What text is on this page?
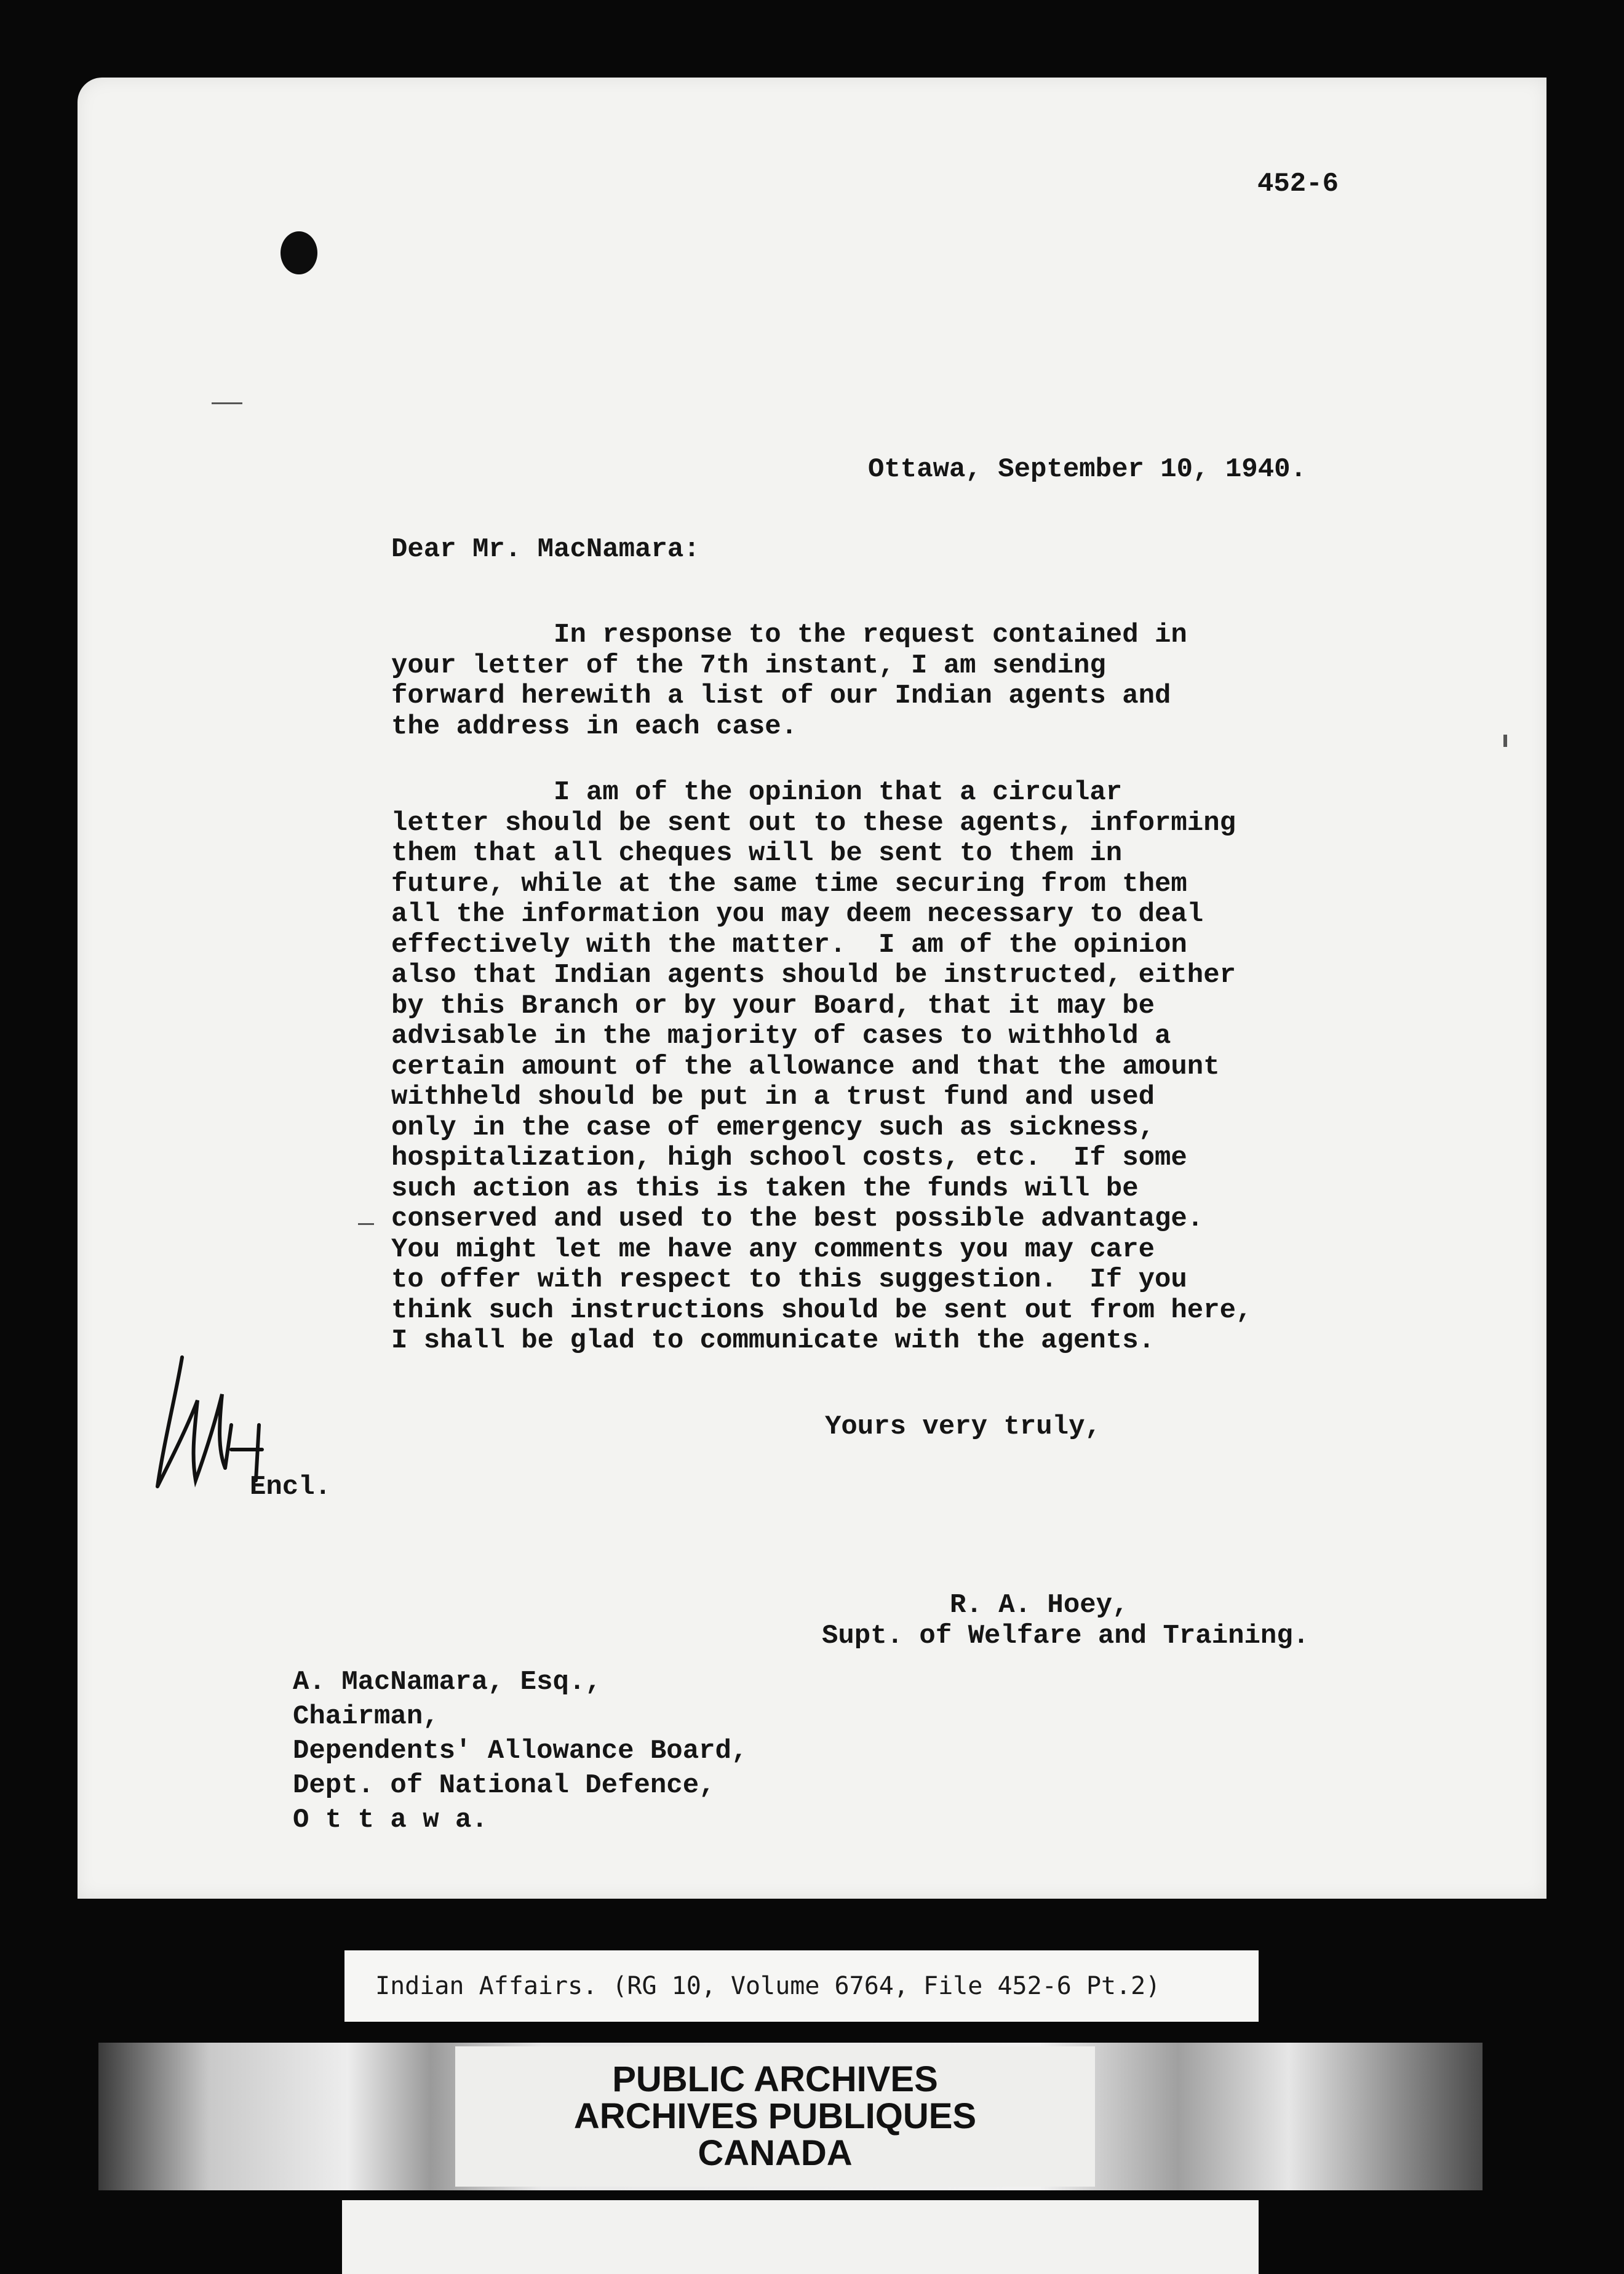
452-6
Ottawa, September 10, 1940.
Dear Mr. MacNamara:
In response to the request contained in
your letter of the 7th instant, I am sending
forward herewith a list of our Indian agents and
the address in each case.
I am of the opinion that a circular
letter should be sent out to these agents, informing
them that all cheques will be sent to them in
future, while at the same time securing from them
all the information you may deem necessary to deal
effectively with the matter.  I am of the opinion
also that Indian agents should be instructed, either
by this Branch or by your Board, that it may be
advisable in the majority of cases to withhold a
certain amount of the allowance and that the amount
withheld should be put in a trust fund and used
only in the case of emergency such as sickness,
hospitalization, high school costs, etc.  If some
such action as this is taken the funds will be
conserved and used to the best possible advantage.
You might let me have any comments you may care
to offer with respect to this suggestion.  If you
think such instructions should be sent out from here,
I shall be glad to communicate with the agents.
Yours very truly,
Encl.
R. A. Hoey,
Supt. of Welfare and Training.
A. MacNamara, Esq.,
Chairman,
Dependents' Allowance Board,
Dept. of National Defence,
O t t a w a.
Indian Affairs. (RG 10, Volume 6764, File 452-6 Pt.2)
PUBLIC ARCHIVES
ARCHIVES PUBLIQUES
CANADA
